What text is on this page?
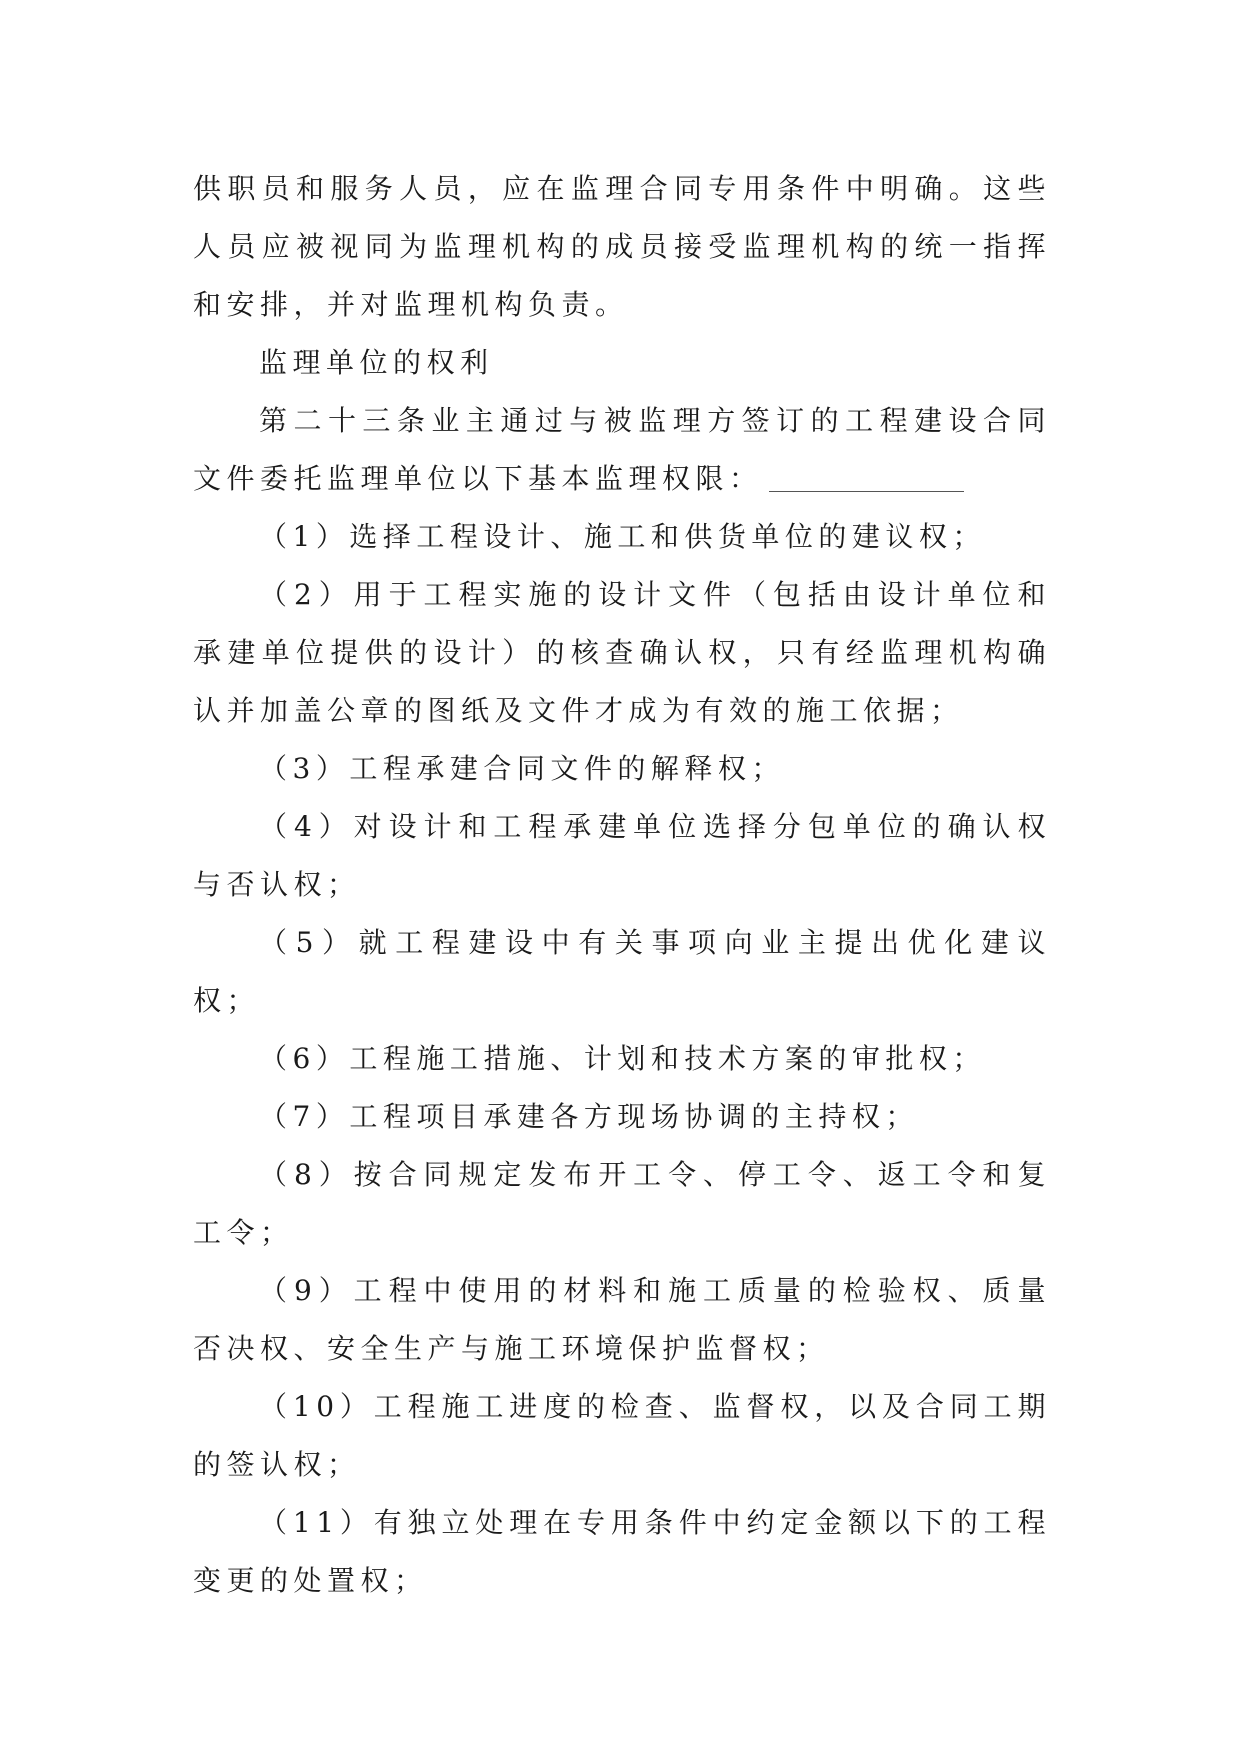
供职员和服务人员，应在监理合同专用条件中明确。这些人员应被视同为监理机构的成员接受监理机构的统一指挥和安排，并对监理机构负责。

监理单位的权利

第二十三条业主通过与被监理方签订的工程建设合同文件委托监理单位以下基本监理权限：

（1）选择工程设计、施工和供货单位的建议权；

（2）用于工程实施的设计文件（包括由设计单位和承建单位提供的设计）的核查确认权，只有经监理机构确认并加盖公章的图纸及文件才成为有效的施工依据；

（3）工程承建合同文件的解释权；

（4）对设计和工程承建单位选择分包单位的确认权与否认权；

（5）就工程建设中有关事项向业主提出优化建议权；

（6）工程施工措施、计划和技术方案的审批权；

（7）工程项目承建各方现场协调的主持权；

（8）按合同规定发布开工令、停工令、返工令和复工令；

（9）工程中使用的材料和施工质量的检验权、质量否决权、安全生产与施工环境保护监督权；

（10）工程施工进度的检查、监督权，以及合同工期的签认权；

（11）有独立处理在专用条件中约定金额以下的工程变更的处置权；
